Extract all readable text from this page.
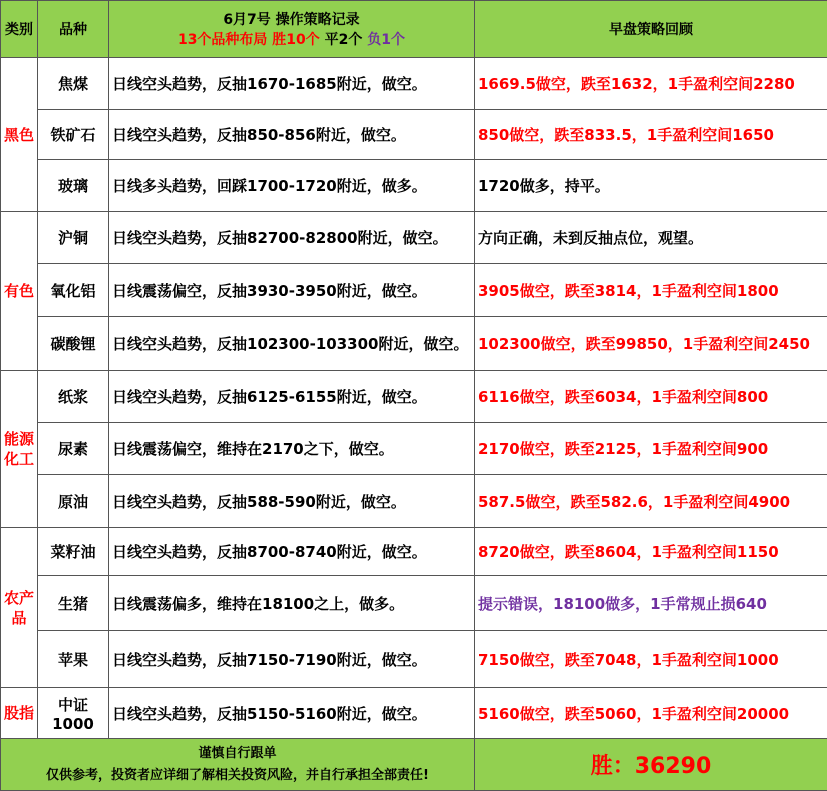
类别	品种	6月7号 操作策略记录
13个品种布局 胜10个 平2个 负1个	早盘策略回顾
黑色	焦煤	日线空头趋势，反抽1670-1685附近，做空。	1669.5做空，跌至1632，1手盈利空间2280
	铁矿石	日线空头趋势，反抽850-856附近，做空。	850做空，跌至833.5，1手盈利空间1650
	玻璃	日线多头趋势，回踩1700-1720附近，做多。	1720做多，持平。
有色	沪铜	日线空头趋势，反抽82700-82800附近，做空。	方向正确，未到反抽点位，观望。
	氧化铝	日线震荡偏空，反抽3930-3950附近，做空。	3905做空，跌至3814，1手盈利空间1800
	碳酸锂	日线空头趋势，反抽102300-103300附近，做空。	102300做空，跌至99850，1手盈利空间2450

能源
化工	纸浆	日线空头趋势，反抽6125-6155附近，做空。	6116做空，跌至6034，1手盈利空间800
	尿素	日线震荡偏空，维持在2170之下，做空。	2170做空，跌至2125，1手盈利空间900
	原油	日线空头趋势，反抽588-590附近，做空。	587.5做空，跌至582.6，1手盈利空间4900

农产
品	菜籽油	日线空头趋势，反抽8700-8740附近，做空。	8720做空，跌至8604，1手盈利空间1150
	生猪	日线震荡偏多，维持在18100之上，做多。	提示错误，18100做多，1手常规止损640
	苹果	日线空头趋势，反抽7150-7190附近，做空。	7150做空，跌至7048，1手盈利空间1000
股指	中证1000	日线空头趋势，反抽5150-5160附近，做空。	5160做空，跌至5060，1手盈利空间20000

谨慎自行跟单
仅供参考，投资者应详细了解相关投资风险，并自行承担全部责任!			胜：36290
